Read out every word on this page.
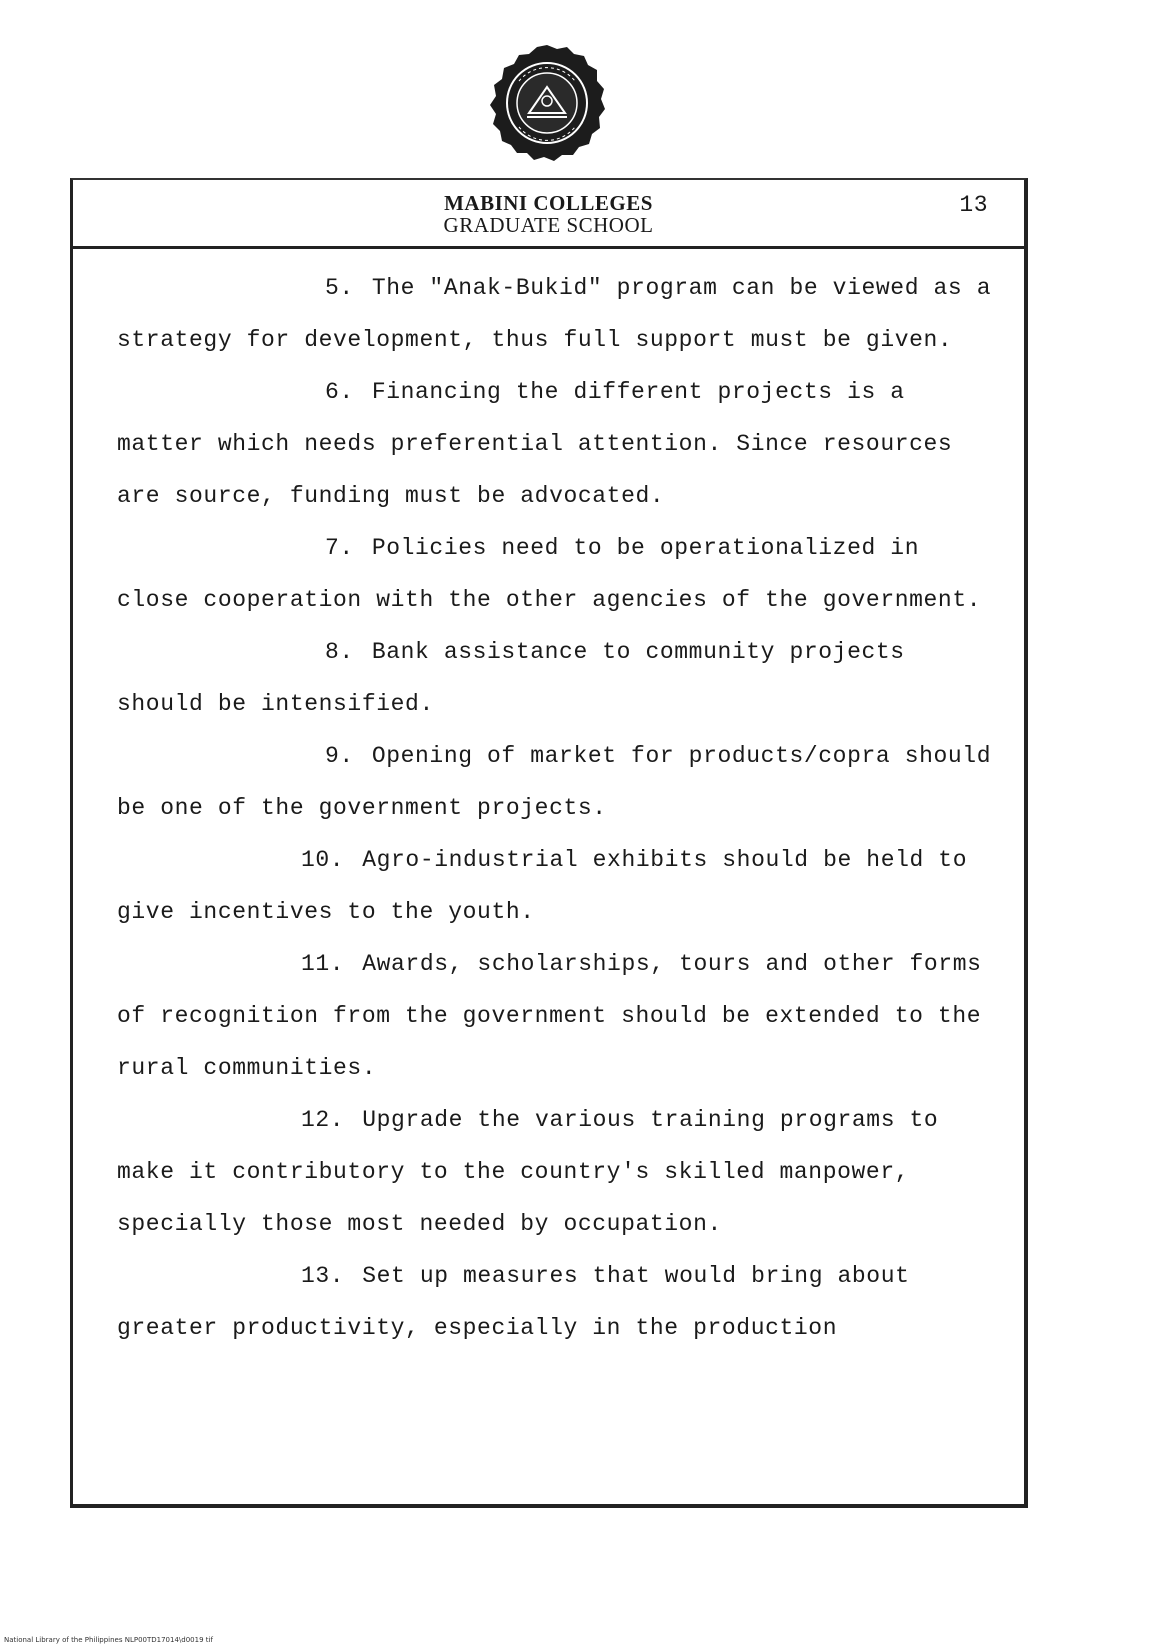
MABINI COLLEGES
GRADUATE SCHOOL
13

5. The "Anak-Bukid" program can be viewed as a strategy for development, thus full support must be given.

6. Financing the different projects is a matter which needs preferential attention. Since resources are source, funding must be advocated.

7. Policies need to be operationalized in close cooperation with the other agencies of the government.

8. Bank assistance to community projects should be intensified.

9. Opening of market for products/copra should be one of the government projects.

10. Agro-industrial exhibits should be held to give incentives to the youth.

11. Awards, scholarships, tours and other forms of recognition from the government should be extended to the rural communities.

12. Upgrade the various training programs to make it contributory to the country's skilled manpower, specially those most needed by occupation.

13. Set up measures that would bring about greater productivity, especially in the production

National Library of the Philippines NLP00TD17014\d0019 tif
